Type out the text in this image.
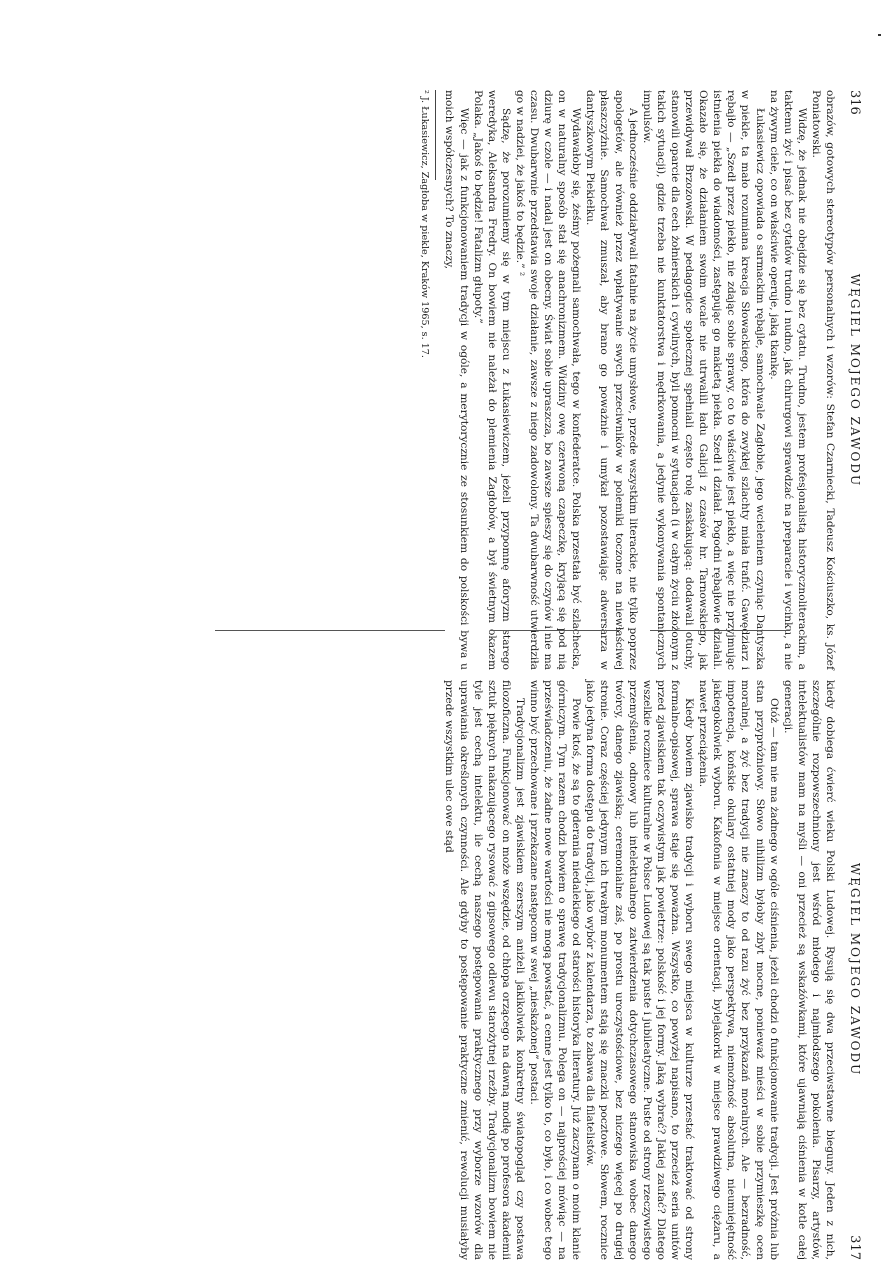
316
WĘGIEL MOJEGO ZAWODU

obrazów, gotowych stereotypów personalnych i wzorów: Stefan Czarniecki, Tadeusz Kościuszko, ks. Józef Poniatowski.

Widzę, że jednak nie obejdzie się bez cytatu. Trudno, jestem profesjonalistą historycznoliterackim, a taktemu żyć i pisać bez cytatów trudno i nudno, jak chirurgowi sprawdzać na preparacie i wycinku, a nie na żywym ciele, co on właściwie operuje, jaką tkankę.

Łukasiewicz opowiada o sarmackim rębajle, samochwale Zagłobie, jego wcieleniem czyniąc Dantyszka w piekle, ta mało rozumiana kreacja Słowackiego, która do zwykłej szlachty miała trafić. Gawędziarz i rębajło — „Szedł przez piekło, nie zdając sobie sprawy, co to właściwie jest piekło, a więc nie przyjmując istnienia piekła do wiadomości, zastępując go makietą piekła. Szedł i działał. Pogodni rębajłowie działali. Okazało się, że działaniem swoim wcale nie utrwalili ładu Galicji z czasów hr. Tarnowskiego, jak przewidywał Brzozowski. W pedagogice społecznej spełniali często rolę zaskakującą: dodawali otuchy, stanowili oparcie dla cech żołnierskich i cywilnych, byli pomocni w sytuacjach (i w całym życiu złożonym z takich sytuacji), gdzie trzeba nie kunktatorstwa i mędrkowania, a jedynie wykonywania spontanicznych impulsów.

A jednocześnie oddziaływali fatalnie na życie umysłowe, przede wszystkim literackie, nie tylko poprzez apologetów, ale również przez wpłatywanie swych przeciwników w polemiki toczone na niewłaściwej płaszczyźnie. Samochwał zmuszał, aby brano go poważnie i umykał pozostawiając adwersarza w dantyszkowym Piekiełku.

Wydawałoby się, żeśmy pożegnali samochwała, tego w konfederatce. Polska przestała być szlachecka, on w naturalny sposób stał się anachronizmem. Widziny owę czerwoną czapeczkę, kryjącą się pod nią dziurę w czole — i nadal jest on obecny. Świat sobie upraszcza, bo zawsze spieszy się do czynów i nie ma czasu. Dwubarwnie przedstawia swoje działanie, zawsze z niego zadowolony. Ta dwubarwność utwierdziła go w nadziei, że jakoś to będzie.” ²

Sądzę, że porozumiemy się w tym miejscu z Łukasiewiczem, jeżeli przypomnę aforyzm starego weredyka, Aleksandra Fredry. On bowiem nie należał do plemienia Zagłobów, a był świetnym okazem Polaka. „Jakoś to będzie! Fatalizm głupoty.”

Więc — jak z funkcjonowaniem tradycji w ogóle, a merytorycznie ze stosunkiem do polskości bywa u moich współczesnych? To znaczy,

² J. Łukasiewicz, Zagłoba w piekle, Kraków 1965, s. 17.
WĘGIEL MOJEGO ZAWODU
317

kiedy dobiega ćwierć wieku Polski Ludowej. Rysują się dwa przeciwstawne bieguny. Jeden z nich, szczególnie rozpowszechniony jest wśród młodego i najmłodszego pokolenia. Pisarzy, artystów, intelektualistów mam na myśli — oni przecież są wskaźówkami, które ujawniają ciśnienia w kotle całej generacji.

Otóż — tam nie ma żadnego w ogóle ciśnienia, jeżeli chodzi o funkcjonowanie tradycji. Jest próżnia lub stan przypróżniowy. Słowo nihilizm byłoby zbyt mocne, ponieważ mieści w sobie przymieszkę ocen moralnej, a żyć bez tradycji nie znaczy to od razu żyć bez przykazań moralnych. Ale — bezradność, impotencja, końskie okulary ostatniej mody jako perspektywa, niemożność absolutna, nieumiejętność jakiegokolwiek wyboru. Kakofonia w miejsce orientacji, bylejakorki w miejsce prawdziwego ciężaru, a nawet przeciążenia.

Kiedy bowiem zjawisko tradycji i wyboru swego miejsca w kulturze przestać traktować od strony formalno-opisowej, sprawa staje się poważna. Wszystko, co powyżej napisano, to przecież seria unitów przed zjawiskiem tak oczywistym jak powietrze: polskość i jej formy. Jaką wybrać? Jakiej zaufać? Dlatego wszelkie roczniece kulturalne w Polsce Ludowej są tak puste i jubileatyczne. Puste od strony rzeczywistego przemyślenia, odnowy lub intelektualnego zatwierdzenia dotychczasowego stanowiska wobec danego twórcy, danego zjawiska; ceremonialne zaś, po prostu uroczystościowe, bez niczego więcej po drugiej stronie. Coraz częściej jedynym ich trwałym monumentem stają się znaczki pocztowe. Słowem, rocznice jako jedyna forma dostępu do tradycji, jako wybór z kalendarza, to zabawa dla filatelistów.

Powie ktoś, że są to gderania niedalekiego od starości historyka literatury. Już zaczynam o moim klanie górniczym. Tym razem chodzi bowiem o sprawę tradycjonalizmu. Polega on — najprościej mówiąc — na przeświadczeniu, że żadne nowe wartości nie mogą powstać, a cenne jest tylko to, co było, i co wobec tego winno być przechowane i przekazane następcom w swej „nieskażonej” postaci.

Tradycjonalizm jest zjawiskiem szerszym aniżeli jakikolwiek konkretny światopogląd czy postawa filozoficzna. Funkcjonować on może wszędzie, od chłopa orzącego na dawną modłę po profesora akademii sztuk pięknych nakazującego rysować z gipsowego odlewu starożytnej rzeźby. Tradycjonalizm bowiem nie tyle jest cechą intelektu, ile cechą naszego postępowania praktycznego przy wyborze wzorów dla uprawiania określonych czynności. Ale gdyby to postępowanie praktyczne zmienić, rewolucji musiałyby przede wszystkim ulec owe stąd
